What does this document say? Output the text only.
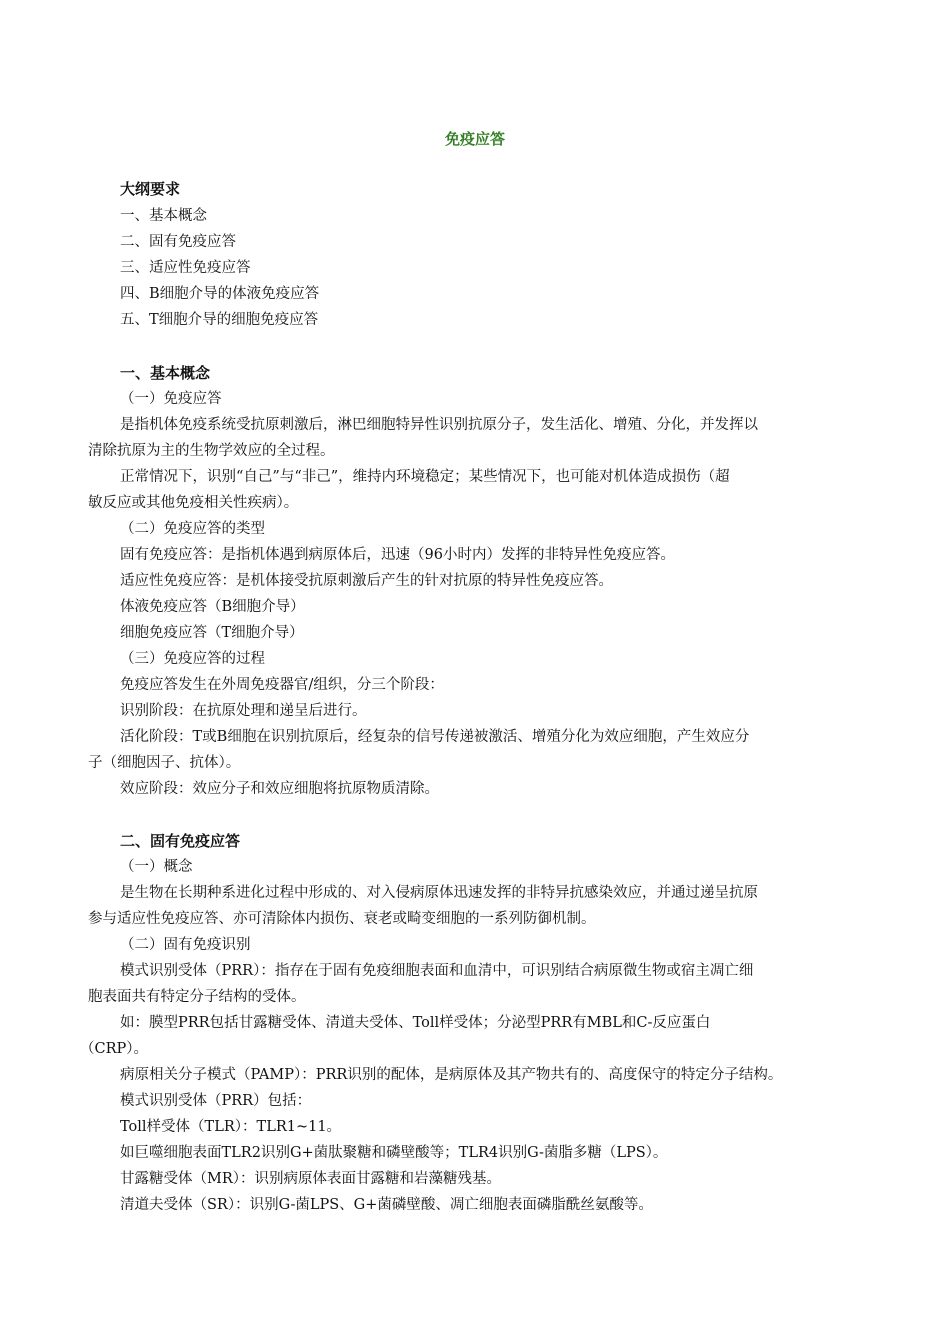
免疫应答
大纲要求
一、基本概念
二、固有免疫应答
三、适应性免疫应答
四、B细胞介导的体液免疫应答
五、T细胞介导的细胞免疫应答
一、基本概念
（一）免疫应答
是指机体免疫系统受抗原刺激后，淋巴细胞特异性识别抗原分子，发生活化、增殖、分化，并发挥以
清除抗原为主的生物学效应的全过程。
正常情况下，识别“自己”与“非己”，维持内环境稳定；某些情况下，也可能对机体造成损伤（超
敏反应或其他免疫相关性疾病）。
（二）免疫应答的类型
固有免疫应答：是指机体遇到病原体后，迅速（96小时内）发挥的非特异性免疫应答。
适应性免疫应答：是机体接受抗原刺激后产生的针对抗原的特异性免疫应答。
体液免疫应答（B细胞介导）
细胞免疫应答（T细胞介导）
（三）免疫应答的过程
免疫应答发生在外周免疫器官/组织，分三个阶段：
识别阶段：在抗原处理和递呈后进行。
活化阶段：T或B细胞在识别抗原后，经复杂的信号传递被激活、增殖分化为效应细胞，产生效应分
子（细胞因子、抗体）。
效应阶段：效应分子和效应细胞将抗原物质清除。
二、固有免疫应答
（一）概念
是生物在长期种系进化过程中形成的、对入侵病原体迅速发挥的非特异抗感染效应，并通过递呈抗原
参与适应性免疫应答、亦可清除体内损伤、衰老或畸变细胞的一系列防御机制。
（二）固有免疫识别
模式识别受体（PRR）：指存在于固有免疫细胞表面和血清中，可识别结合病原微生物或宿主凋亡细
胞表面共有特定分子结构的受体。
如：膜型PRR包括甘露糖受体、清道夫受体、Toll样受体；分泌型PRR有MBL和C-反应蛋白
（CRP）。
病原相关分子模式（PAMP）：PRR识别的配体，是病原体及其产物共有的、高度保守的特定分子结构。
模式识别受体（PRR）包括：
Toll样受体（TLR）：TLR1~11。
如巨噬细胞表面TLR2识别G+菌肽聚糖和磷壁酸等；TLR4识别G-菌脂多糖（LPS）。
甘露糖受体（MR）：识别病原体表面甘露糖和岩藻糖残基。
清道夫受体（SR）：识别G-菌LPS、G+菌磷壁酸、凋亡细胞表面磷脂酰丝氨酸等。
